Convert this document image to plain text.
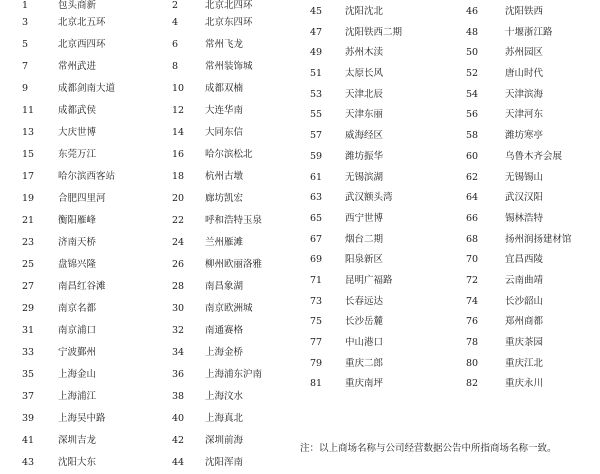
1	包头商新	2	北京北四环
3	北京北五环	4	北京东四环
5	北京西四环	6	常州飞龙
7	常州武进	8	常州装饰城
9	成都剑南大道	10 成都双楠
11	成都武侯	12 大连华南
13	大庆世博	14 大同东信
15	东莞万江	16 哈尔滨松北
17	哈尔滨西客站	18 杭州古墩
19	合肥四里河	20 廊坊凯宏
21	衡阳雁峰	22 呼和浩特玉泉
23	济南天桥	24 兰州雁滩
25	盘锦兴隆	26 柳州欧丽洛雅
27	南昌红谷滩	28 南昌象湖
29	南京名都	30 南京欧洲城
31	南京浦口	32 南通赛格
33	宁波鄞州	34 上海金桥
35	上海金山	36 上海浦东沪南
37	上海浦江	38 上海汶水
39	上海吴中路	40 上海真北
41	深圳吉龙	42 深圳前海
43	沈阳大东	44 沈阳浑南
45 沈阳沈北	46	沈阳铁西
47 沈阳铁西二期	48	十堰浙江路
49 苏州木渎	50	苏州园区
51 太原长风	52	唐山时代
53 天津北辰	54	天津滨海
55 天津东丽	56	天津河东
57 威海经区	58	潍坊寒亭
59 潍坊振华	60	乌鲁木齐会展
61 无锡滨湖	62	无锡锡山
63 武汉额头湾	64	武汉汉阳
65 西宁世博	66	锡林浩特
67 烟台二期	68	扬州润扬建材馆
69 阳泉新区	70	宜昌西陵
71 昆明广福路	72	云南曲靖
73 长春远达	74	长沙韶山
75 长沙岳麓	76	郑州商都
77 中山港口	78	重庆茶园
79 重庆二郎	80	重庆江北
81 重庆南坪	82	重庆永川
注：以上商场名称与公司经营数据公告中所指商场名称一致。
